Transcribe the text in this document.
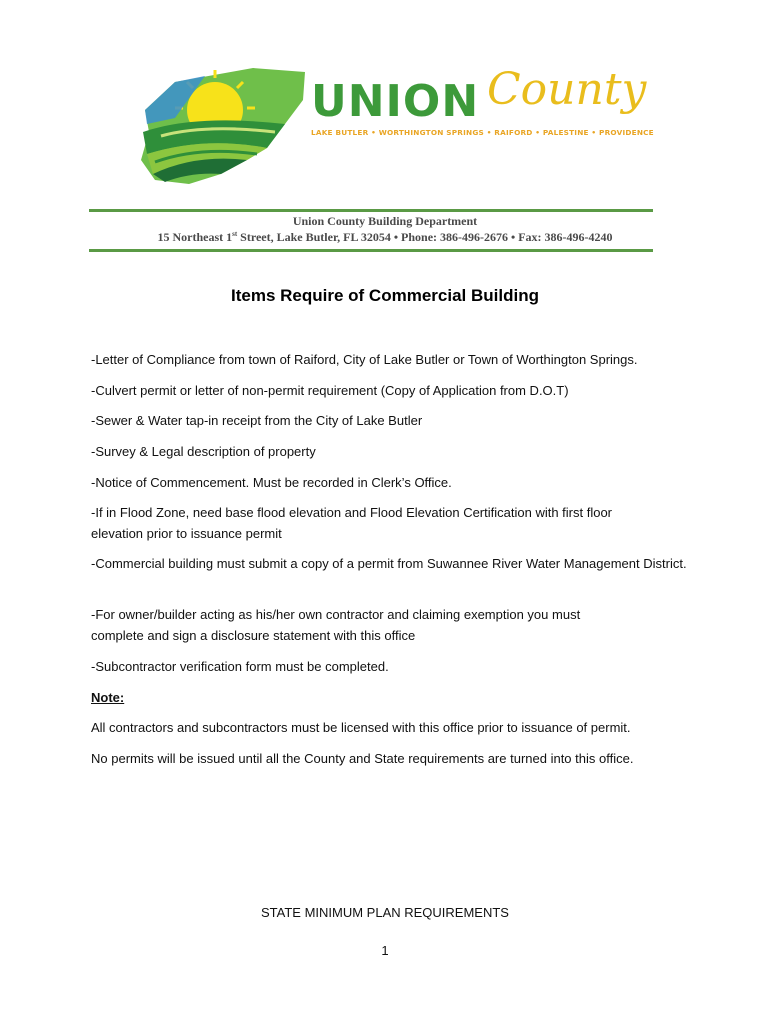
UNION County
LAKE BUTLER • WORTHINGTON SPRINGS • RAIFORD • PALESTINE • PROVIDENCE
Union County Building Department
15 Northeast 1st Street, Lake Butler, FL 32054 • Phone: 386-496-2676 • Fax: 386-496-4240
Items Require of Commercial Building
-Letter of Compliance from town of Raiford, City of Lake Butler or Town of Worthington Springs.
-Culvert permit or letter of non-permit requirement (Copy of Application from D.O.T)
-Sewer & Water tap-in receipt from the City of Lake Butler
-Survey & Legal description of property
-Notice of Commencement. Must be recorded in Clerk’s Office.
-If in Flood Zone, need base flood elevation and Flood Elevation Certification with first floor elevation prior to issuance permit
-Commercial building must submit a copy of a permit from Suwannee River Water Management District.
-For owner/builder acting as his/her own contractor and claiming exemption you must complete and sign a disclosure statement with this office
-Subcontractor verification form must be completed.
Note:
All contractors and subcontractors must be licensed with this office prior to issuance of permit.
No permits will be issued until all the County and State requirements are turned into this office.
STATE MINIMUM PLAN REQUIREMENTS
1
